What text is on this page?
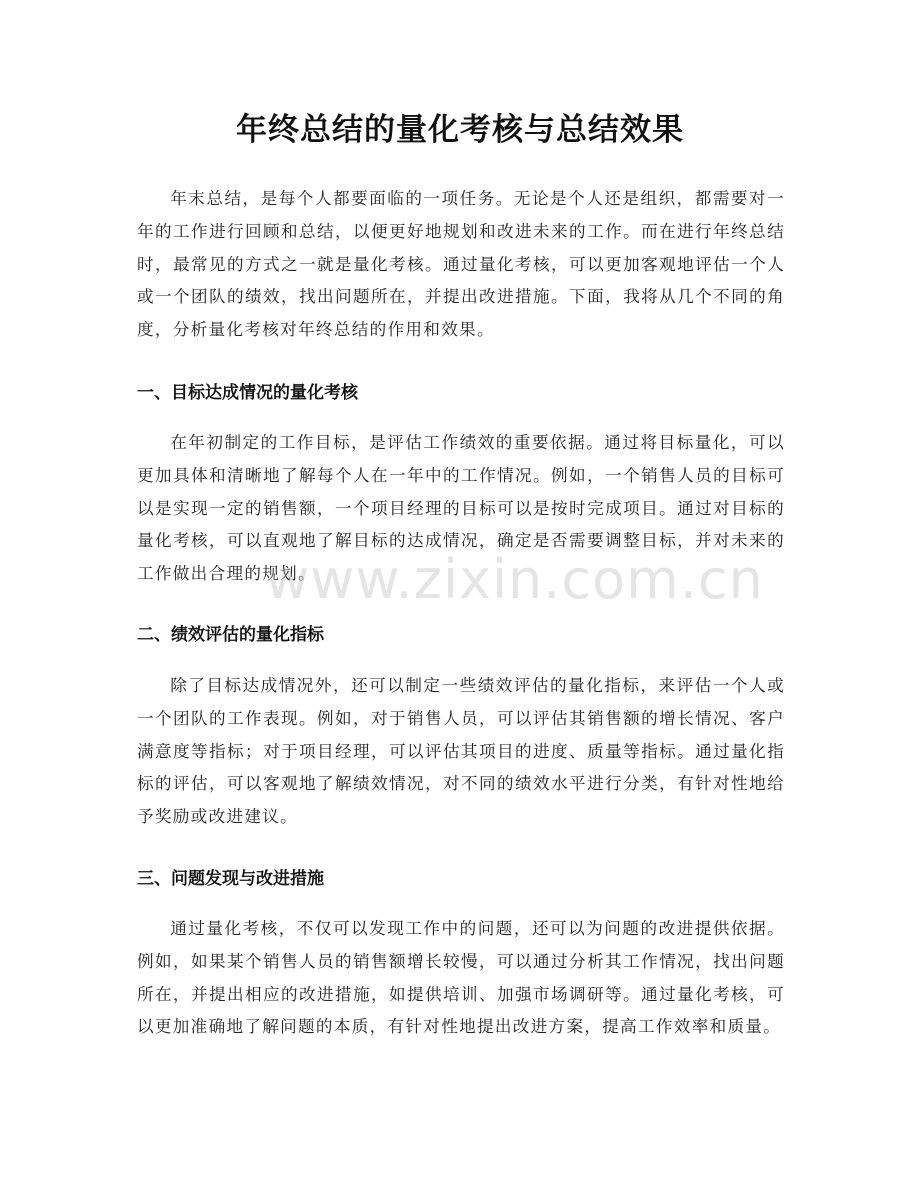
年终总结的量化考核与总结效果

年末总结，是每个人都要面临的一项任务。无论是个人还是组织，都需要对一年的工作进行回顾和总结，以便更好地规划和改进未来的工作。而在进行年终总结时，最常见的方式之一就是量化考核。通过量化考核，可以更加客观地评估一个人或一个团队的绩效，找出问题所在，并提出改进措施。下面，我将从几个不同的角度，分析量化考核对年终总结的作用和效果。

一、目标达成情况的量化考核

在年初制定的工作目标，是评估工作绩效的重要依据。通过将目标量化，可以更加具体和清晰地了解每个人在一年中的工作情况。例如，一个销售人员的目标可以是实现一定的销售额，一个项目经理的目标可以是按时完成项目。通过对目标的量化考核，可以直观地了解目标的达成情况，确定是否需要调整目标，并对未来的工作做出合理的规划。

二、绩效评估的量化指标

除了目标达成情况外，还可以制定一些绩效评估的量化指标，来评估一个人或一个团队的工作表现。例如，对于销售人员，可以评估其销售额的增长情况、客户满意度等指标；对于项目经理，可以评估其项目的进度、质量等指标。通过量化指标的评估，可以客观地了解绩效情况，对不同的绩效水平进行分类，有针对性地给予奖励或改进建议。

三、问题发现与改进措施

通过量化考核，不仅可以发现工作中的问题，还可以为问题的改进提供依据。例如，如果某个销售人员的销售额增长较慢，可以通过分析其工作情况，找出问题所在，并提出相应的改进措施，如提供培训、加强市场调研等。通过量化考核，可以更加准确地了解问题的本质，有针对性地提出改进方案，提高工作效率和质量。

www.zixin.com.cn
